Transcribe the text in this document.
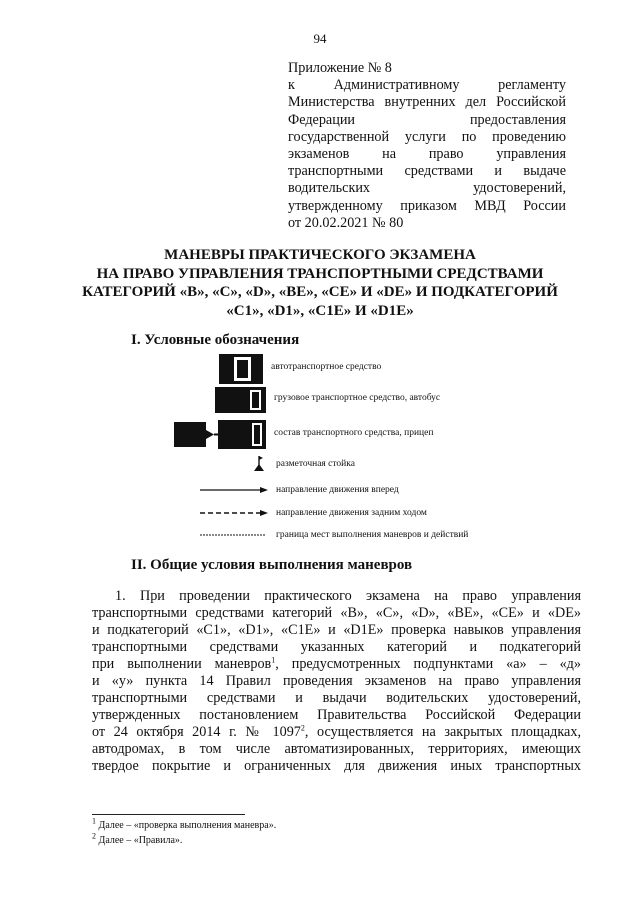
94
Приложение № 8
к Административному регламенту
Министерства внутренних дел Российской
Федерации предоставления
государственной услуги по проведению
экзаменов на право управления
транспортными средствами и выдаче
водительских удостоверений,
утвержденному приказом МВД России
от 20.02.2021 № 80
МАНЕВРЫ ПРАКТИЧЕСКОГО ЭКЗАМЕНА
НА ПРАВО УПРАВЛЕНИЯ ТРАНСПОРТНЫМИ СРЕДСТВАМИ
КАТЕГОРИЙ «B», «C», «D», «BE», «CE» И «DE» И ПОДКАТЕГОРИЙ
«C1», «D1», «C1E» И «D1E»
I. Условные обозначения
автотранспортное средство
грузовое транспортное средство, автобус
состав транспортного средства, прицеп
разметочная стойка
направление движения вперед
направление движения задним ходом
граница мест выполнения маневров и действий
II. Общие условия выполнения маневров
1. При проведении практического экзамена на право управления
транспортными средствами категорий «B», «C», «D», «BE», «CE» и «DE»
и подкатегорий «C1», «D1», «C1E» и «D1E» проверка навыков управления
транспортными средствами указанных категорий и подкатегорий
при выполнении маневров$^1$, предусмотренных подпунктами «а» – «д»
и «у» пункта 14 Правил проведения экзаменов на право управления
транспортными средствами и выдачи водительских удостоверений,
утвержденных постановлением Правительства Российской Федерации
от 24 октября 2014 г. № 1097$^2$, осуществляется на закрытых площадках,
автодромах, в том числе автоматизированных, территориях, имеющих
твердое покрытие и ограниченных для движения иных транспортных
$^1$ Далее – «проверка выполнения маневра».
$^2$ Далее – «Правила».
